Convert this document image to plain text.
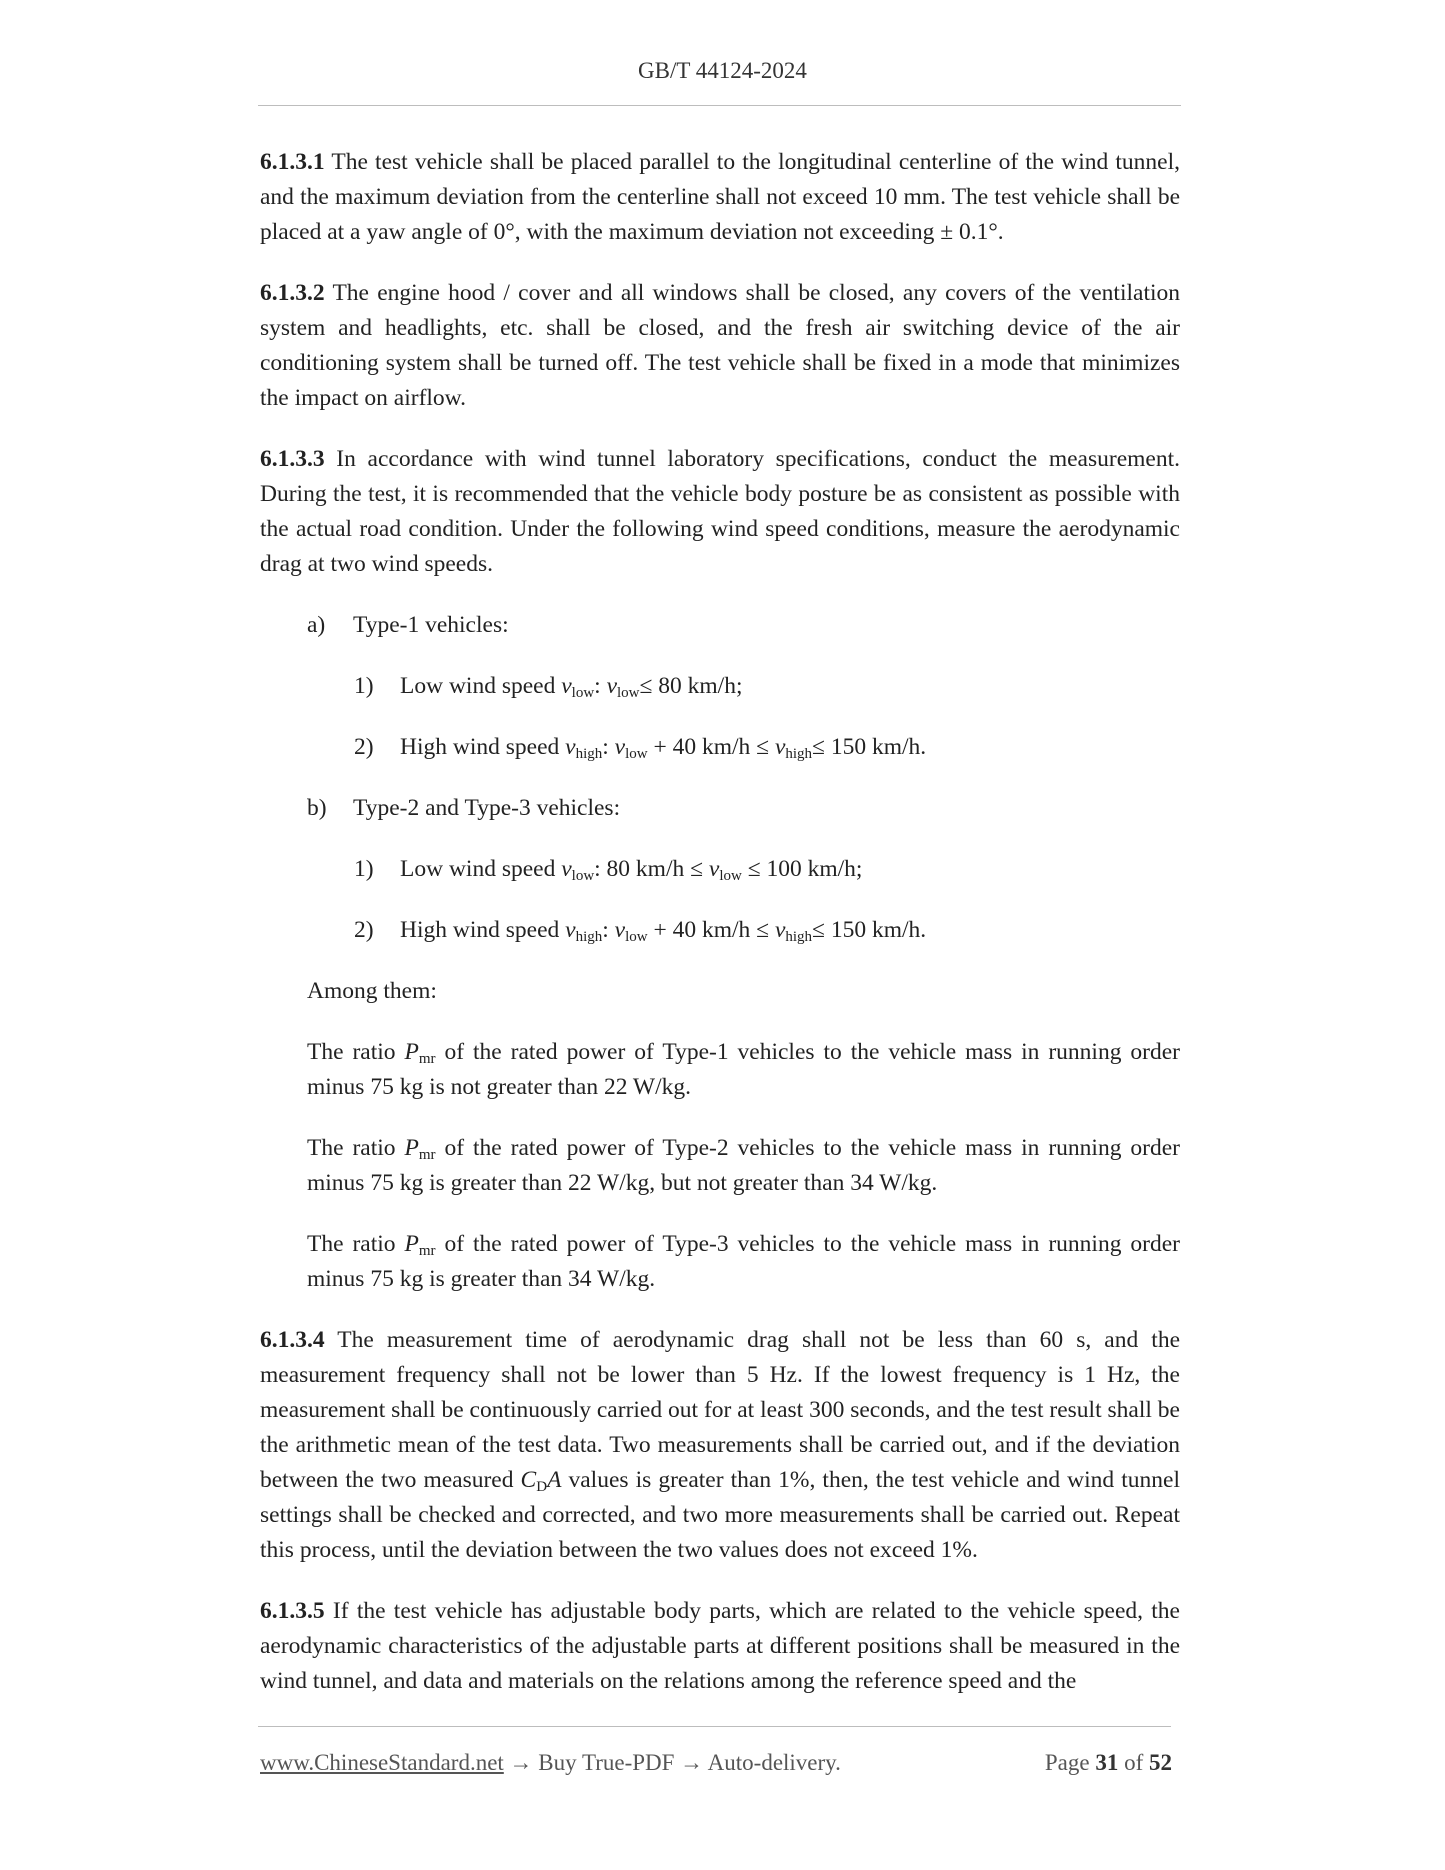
GB/T 44124-2024

6.1.3.1 The test vehicle shall be placed parallel to the longitudinal centerline of the wind tunnel, and the maximum deviation from the centerline shall not exceed 10 mm. The test vehicle shall be placed at a yaw angle of 0°, with the maximum deviation not exceeding ± 0.1°.

6.1.3.2 The engine hood / cover and all windows shall be closed, any covers of the ventilation system and headlights, etc. shall be closed, and the fresh air switching device of the air conditioning system shall be turned off. The test vehicle shall be fixed in a mode that minimizes the impact on airflow.

6.1.3.3 In accordance with wind tunnel laboratory specifications, conduct the measurement. During the test, it is recommended that the vehicle body posture be as consistent as possible with the actual road condition. Under the following wind speed conditions, measure the aerodynamic drag at two wind speeds.

a) Type-1 vehicles:

1) Low wind speed $v_{low}$: $v_{low}\le 80$ km/h;

2) High wind speed $v_{high}$: $v_{low} + 40$ $km/h \le v_{high}\le 150$ km/h.

b) Type-2 and Type-3 vehicles:

1) Low wind speed $v_{low}$: 80 $km/h \le v_{low} \le 100$ km/h;

2) High wind speed $v_{high}$: $v_{low} + 40$ $km/h \le v_{high}\le 150$ km/h.

Among them:

The ratio $P_{mr}$ of the rated power of Type-1 vehicles to the vehicle mass in running order minus 75 kg is not greater than 22 W/kg.

The ratio $P_{mr}$ of the rated power of Type-2 vehicles to the vehicle mass in running order minus 75 kg is greater than 22 W/kg, but not greater than 34 W/kg.

The ratio $P_{mr}$ of the rated power of Type-3 vehicles to the vehicle mass in running order minus 75 kg is greater than 34 W/kg.

6.1.3.4 The measurement time of aerodynamic drag shall not be less than 60 s, and the measurement frequency shall not be lower than 5 Hz. If the lowest frequency is 1 Hz, the measurement shall be continuously carried out for at least 300 seconds, and the test result shall be the arithmetic mean of the test data. Two measurements shall be carried out, and if the deviation between the two measured $C_DA$ values is greater than 1%, then, the test vehicle and wind tunnel settings shall be checked and corrected, and two more measurements shall be carried out. Repeat this process, until the deviation between the two values does not exceed 1%.

6.1.3.5 If the test vehicle has adjustable body parts, which are related to the vehicle speed, the aerodynamic characteristics of the adjustable parts at different positions shall be measured in the wind tunnel, and data and materials on the relations among the reference speed and the

www.ChineseStandard.net → Buy True-PDF → Auto-delivery.	Page 31 of 52
